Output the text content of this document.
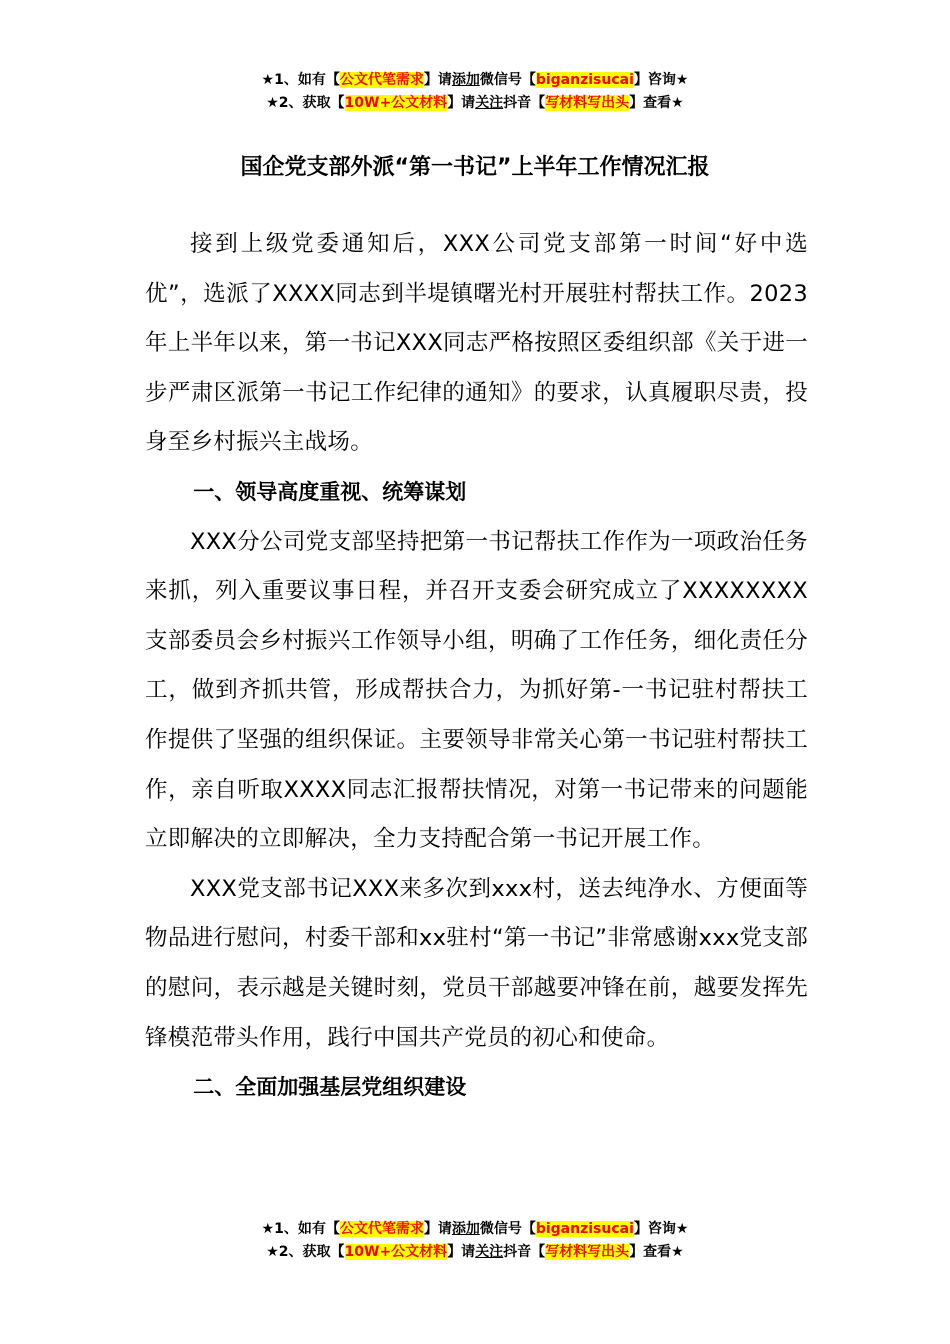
★1、如有【公文代笔需求】请添加微信号【biganzisucai】咨询★
★2、获取【10W+公文材料】请关注抖音【写材料写出头】查看★
国企党支部外派“第一书记”上半年工作情况汇报

接到上级党委通知后，XXX公司党支部第一时间“好中选优”，选派了XXXX同志到半堤镇曙光村开展驻村帮扶工作。2023年上半年以来，第一书记XXX同志严格按照区委组织部《关于进一步严肃区派第一书记工作纪律的通知》的要求，认真履职尽责，投身至乡村振兴主战场。

一、领导高度重视、统筹谋划

XXX分公司党支部坚持把第一书记帮扶工作作为一项政治任务来抓，列入重要议事日程，并召开支委会研究成立了XXXXXXXX支部委员会乡村振兴工作领导小组，明确了工作任务，细化责任分工，做到齐抓共管，形成帮扶合力，为抓好第-一书记驻村帮扶工作提供了坚强的组织保证。主要领导非常关心第一书记驻村帮扶工作，亲自听取XXXX同志汇报帮扶情况，对第一书记带来的问题能立即解决的立即解决，全力支持配合第一书记开展工作。

XXX党支部书记XXX来多次到xxx村，送去纯净水、方便面等物品进行慰问，村委干部和xx驻村“第一书记”非常感谢xxx党支部的慰问，表示越是关键时刻，党员干部越要冲锋在前，越要发挥先锋模范带头作用，践行中国共产党员的初心和使命。

二、全面加强基层党组织建设

★1、如有【公文代笔需求】请添加微信号【biganzisucai】咨询★
★2、获取【10W+公文材料】请关注抖音【写材料写出头】查看★
